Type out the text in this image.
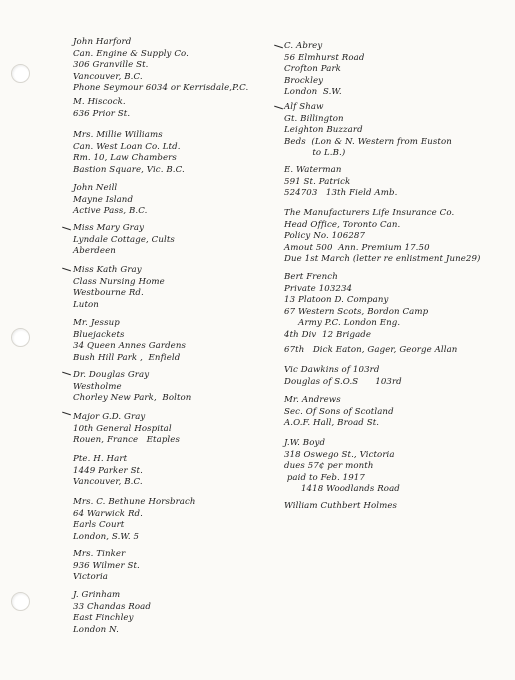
John Harford
Can. Engine & Supply Co.
306 Granville St.
Vancouver, B.C.
Phone Seymour 6034 or Kerrisdale,P.C.
M. Hiscock.
636 Prior St.
Mrs. Millie Williams
Can. West Loan Co. Ltd.
Rm. 10, Law Chambers
Bastion Square, Vic. B.C.
John Neill
Mayne Island
Active Pass, B.C.
Miss Mary Gray
Lyndale Cottage, Cults
Aberdeen
Miss Kath Gray
Class Nursing Home
Westbourne Rd.
Luton
Mr. Jessup
Bluejackets
34 Queen Annes Gardens
Bush Hill Park ,  Enfield
Dr. Douglas Gray
Westholme
Chorley New Park,  Bolton
Major G.D. Gray
10th General Hospital
Rouen, France   Etaples
Pte. H. Hart
1449 Parker St.
Vancouver, B.C.
Mrs. C. Bethune Horsbrach
64 Warwick Rd.
Earls Court
London, S.W. 5
Mrs. Tinker
936 Wilmer St.
Victoria
J. Grinham
33 Chandas Road
East Finchley
London N.
C. Abrey
56 Elmhurst Road
Crofton Park
Brockley
London  S.W.
Alf Shaw
Gt. Billington
Leighton Buzzard
Beds  (Lon & N. Western from Euston
to L.B.)
E. Waterman
591 St. Patrick
524703   13th Field Amb.
The Manufacturers Life Insurance Co.
Head Office, Toronto Can.
Policy No. 106287
Amout 500  Ann. Premium 17.50
Due 1st March (letter re enlistment June29)
Bert French
Private 103234
13 Platoon D. Company
67 Western Scots, Bordon Camp
Army P.C. London Eng.
4th Div  12 Brigade
67th   Dick Eaton, Gager, George Allan
Vic Dawkins of 103rd
Douglas of S.O.S      103rd
Mr. Andrews
Sec. Of Sons of Scotland
A.O.F. Hall, Broad St.
J.W. Boyd
318 Oswego St., Victoria
dues 57¢ per month
paid to Feb. 1917
1418 Woodlands Road
William Cuthbert Holmes
